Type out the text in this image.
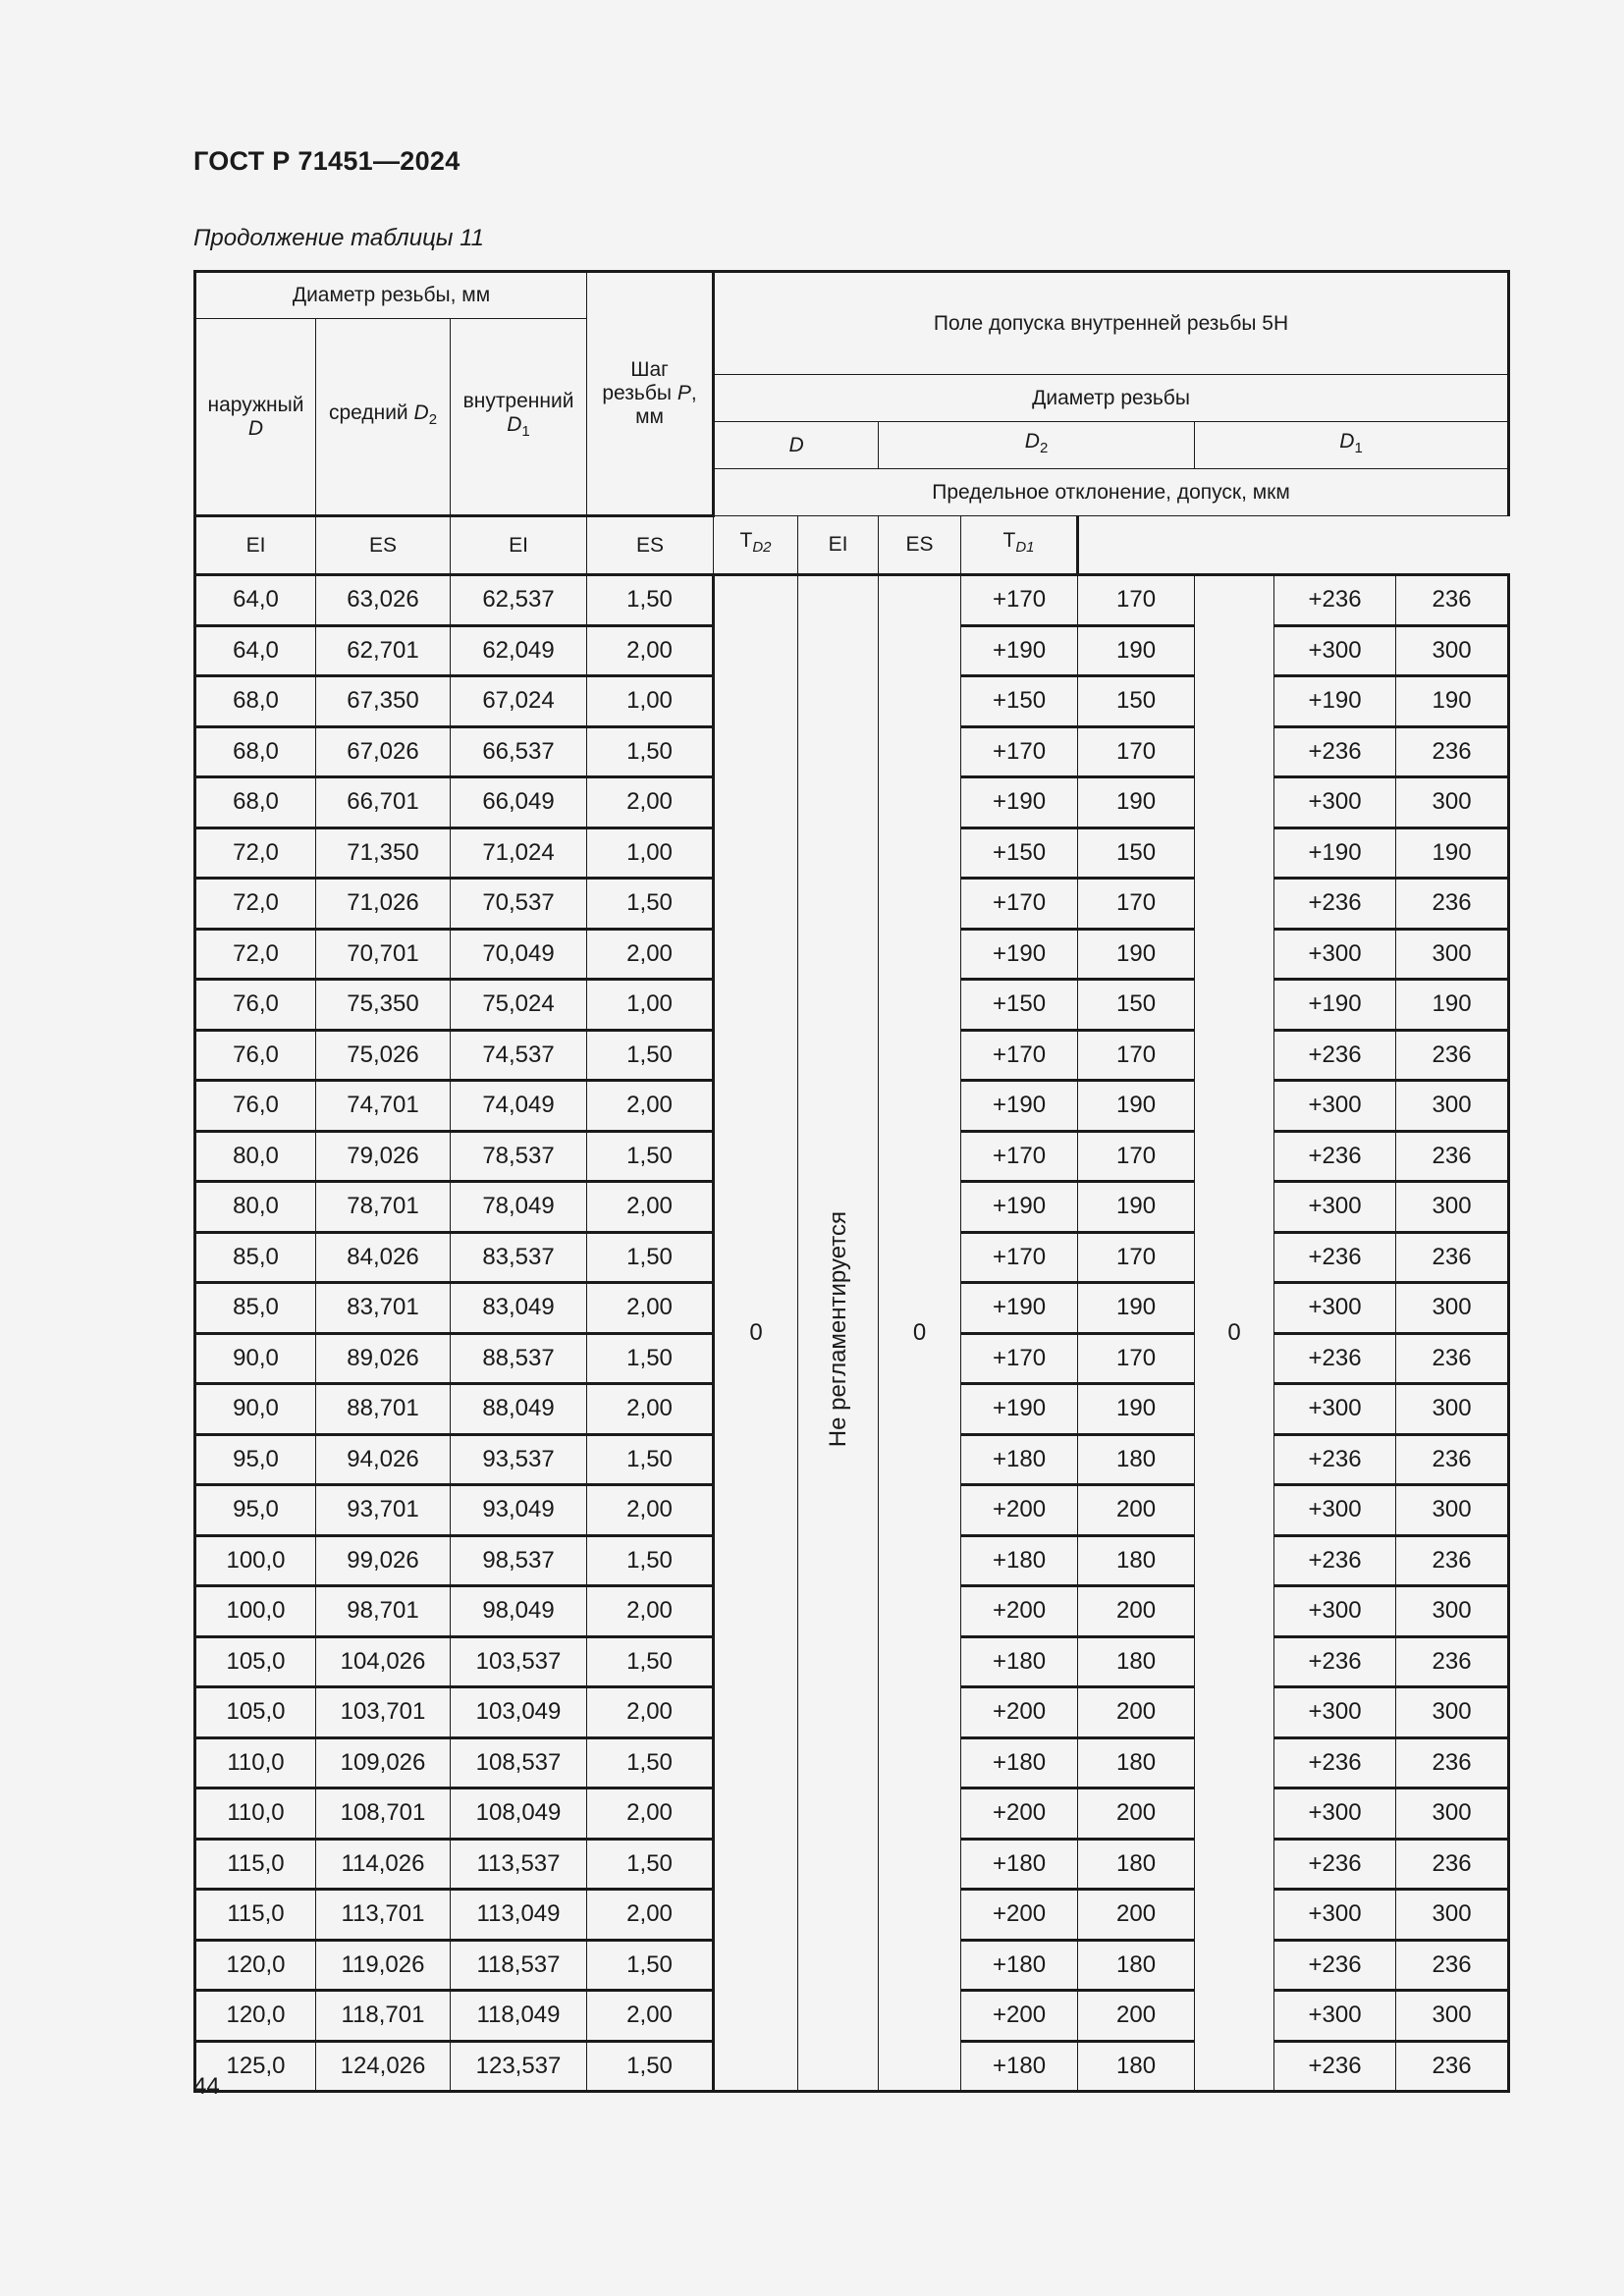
ГОСТ Р 71451—2024
Продолжение таблицы 11
Диаметр резьбы, мм			Шаг
резьбы P,
мм	Поле допуска внутренней резьбы 5Н							
наружный
D	средний $D_2$	внутренний
$D_1$
				Диаметр резьбы							
				D		$D_2$			$D_1$
				Предельное отклонение, допуск, мкм							
EI	ES	EI	ES	$T_{D2}$	EI	ES	$T_{D1}$
64,0	63,026	62,537	1,50	0	Не регламентируется	0	+170	170	0	+236	236
64,0	62,701	62,049	2,00				+190	190		+300	300
68,0	67,350	67,024	1,00				+150	150		+190	190
68,0	67,026	66,537	1,50				+170	170		+236	236
68,0	66,701	66,049	2,00				+190	190		+300	300
72,0	71,350	71,024	1,00				+150	150		+190	190
72,0	71,026	70,537	1,50				+170	170		+236	236
72,0	70,701	70,049	2,00				+190	190		+300	300
76,0	75,350	75,024	1,00				+150	150		+190	190
76,0	75,026	74,537	1,50				+170	170		+236	236
76,0	74,701	74,049	2,00				+190	190		+300	300
80,0	79,026	78,537	1,50				+170	170		+236	236
80,0	78,701	78,049	2,00				+190	190		+300	300
85,0	84,026	83,537	1,50				+170	170		+236	236
85,0	83,701	83,049	2,00				+190	190		+300	300
90,0	89,026	88,537	1,50				+170	170		+236	236
90,0	88,701	88,049	2,00				+190	190		+300	300
95,0	94,026	93,537	1,50				+180	180		+236	236
95,0	93,701	93,049	2,00				+200	200		+300	300
100,0	99,026	98,537	1,50				+180	180		+236	236
100,0	98,701	98,049	2,00				+200	200		+300	300
105,0	104,026	103,537	1,50				+180	180		+236	236
105,0	103,701	103,049	2,00				+200	200		+300	300
110,0	109,026	108,537	1,50				+180	180		+236	236
110,0	108,701	108,049	2,00				+200	200		+300	300
115,0	114,026	113,537	1,50				+180	180		+236	236
115,0	113,701	113,049	2,00				+200	200		+300	300
120,0	119,026	118,537	1,50				+180	180		+236	236
120,0	118,701	118,049	2,00				+200	200		+300	300
125,0	124,026	123,537	1,50				+180	180		+236	236
44
